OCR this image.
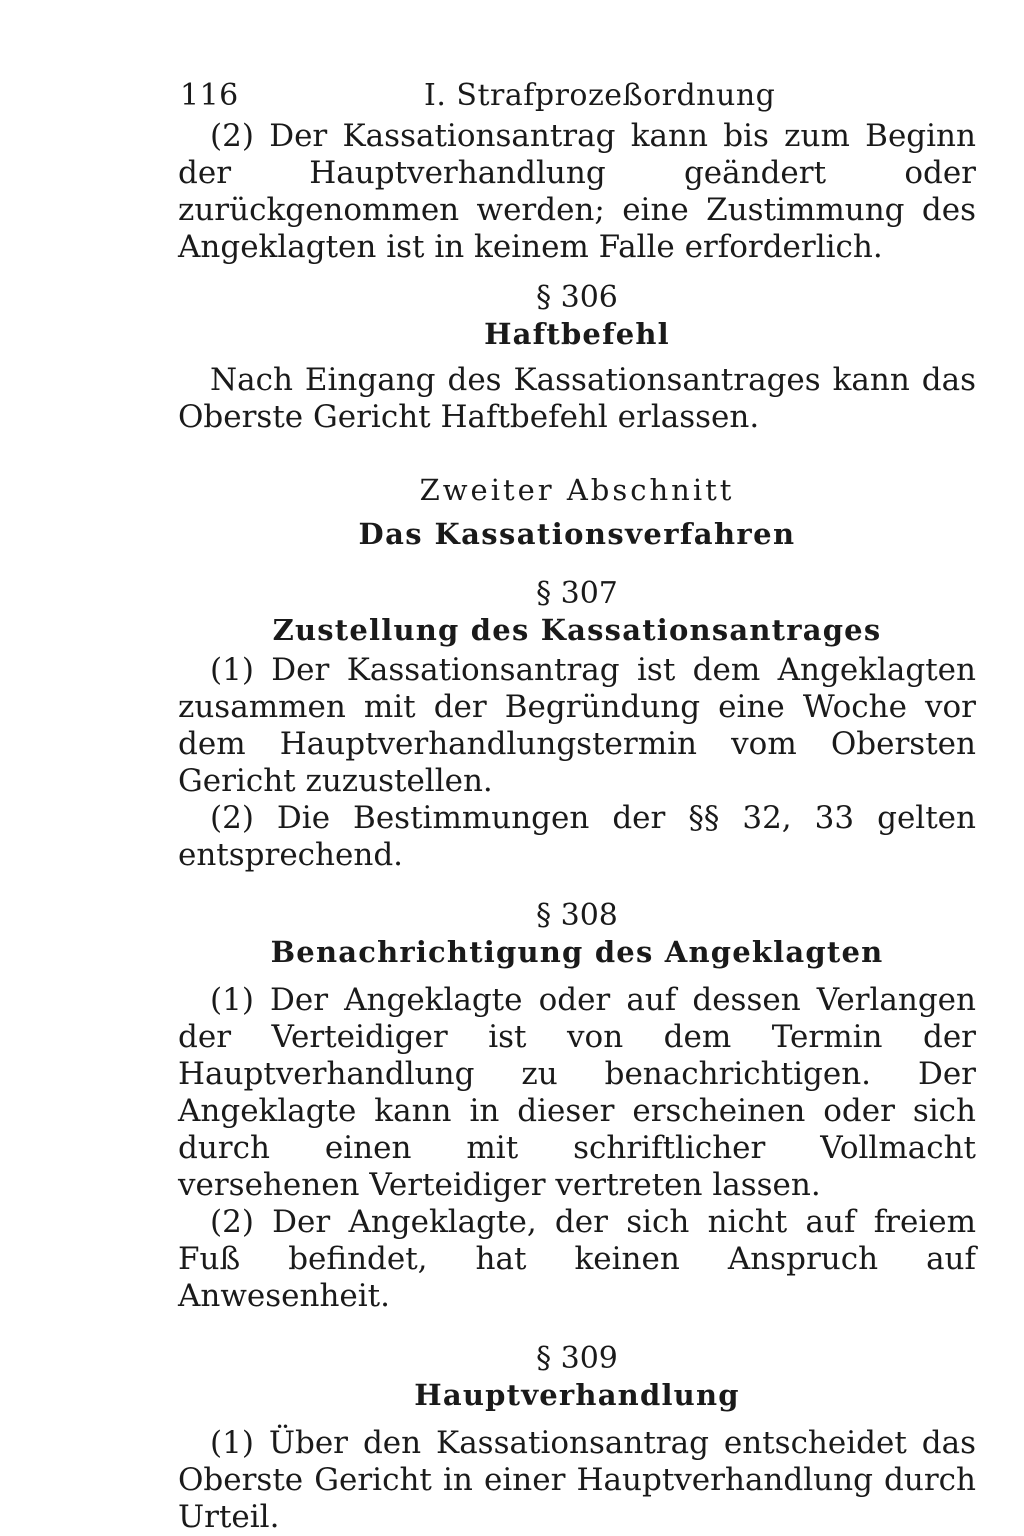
116	I. Strafprozeßordnung

(2) Der Kassationsantrag kann bis zum Beginn der Hauptverhandlung geändert oder zurückgenommen werden; eine Zustimmung des Angeklagten ist in keinem Falle erforderlich.

§ 306
Haftbefehl

Nach Eingang des Kassationsantrages kann das Oberste Gericht Haftbefehl erlassen.

Zweiter Abschnitt
Das Kassationsverfahren
§ 307
Zustellung des Kassationsantrages

(1) Der Kassationsantrag ist dem Angeklagten zusammen mit der Begründung eine Woche vor dem Hauptverhandlungstermin vom Obersten Gericht zuzustellen.

(2) Die Bestimmungen der §§ 32, 33 gelten entsprechend.

§ 308
Benachrichtigung des Angeklagten

(1) Der Angeklagte oder auf dessen Verlangen der Verteidiger ist von dem Termin der Hauptverhandlung zu benachrichtigen. Der Angeklagte kann in dieser erscheinen oder sich durch einen mit schriftlicher Vollmacht versehenen Verteidiger vertreten lassen.

(2) Der Angeklagte, der sich nicht auf freiem Fuß befindet, hat keinen Anspruch auf Anwesenheit.

§ 309
Hauptverhandlung

(1) Über den Kassationsantrag entscheidet das Oberste Gericht in einer Hauptverhandlung durch Urteil.
